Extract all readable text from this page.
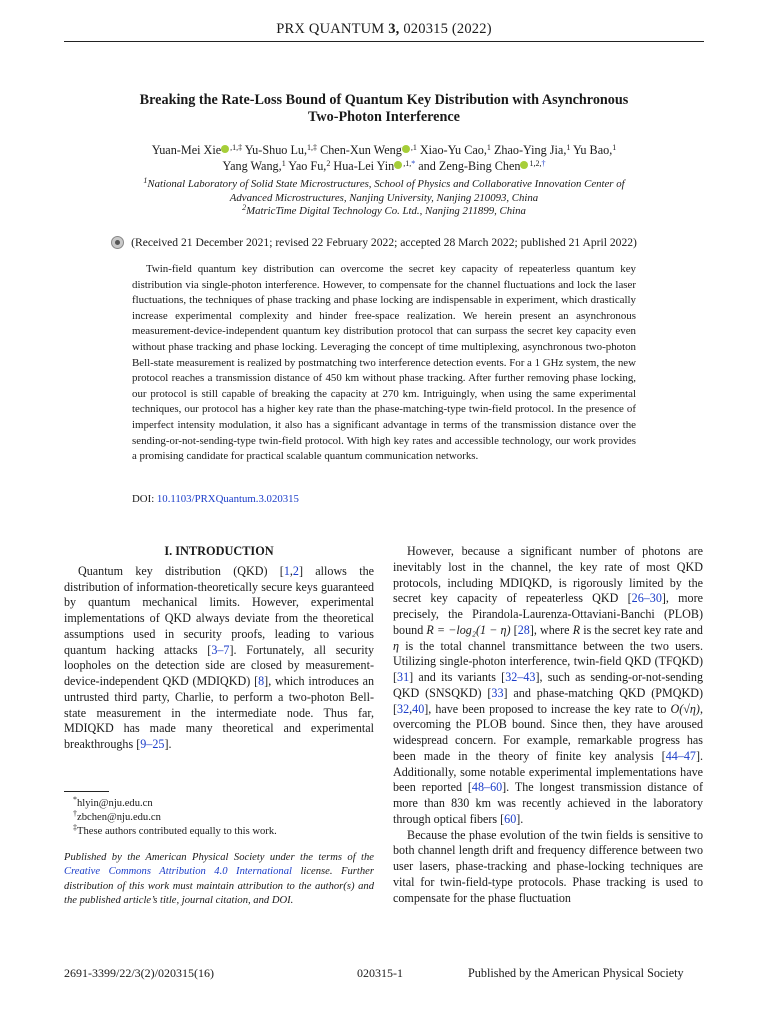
PRX QUANTUM 3, 020315 (2022)
Breaking the Rate-Loss Bound of Quantum Key Distribution with Asynchronous
Two-Photon Interference
Yuan-Mei Xie $^{,1,\ddagger}$ Yu-Shuo Lu,$^{1,\ddagger}$ Chen-Xun Weng $^{,1}$ Xiao-Yu Cao,$^1$ Zhao-Ying Jia,$^1$ Yu Bao,$^1$
Yang Wang,$^1$ Yao Fu,$^2$ Hua-Lei Yin $^{,1,*}$ and Zeng-Bing Chen $^{1,2,\dagger}$
$^1$National Laboratory of Solid State Microstructures, School of Physics and Collaborative Innovation Center of
Advanced Microstructures, Nanjing University, Nanjing 210093, China
$^2$MatricTime Digital Technology Co. Ltd., Nanjing 211899, China
(Received 21 December 2021; revised 22 February 2022; accepted 28 March 2022; published 21 April 2022)

Twin-field quantum key distribution can overcome the secret key capacity of repeaterless quantum key distribution via single-photon interference. However, to compensate for the channel fluctuations and lock the laser fluctuations, the techniques of phase tracking and phase locking are indispensable in experiment, which drastically increase experimental complexity and hinder free-space realization. We herein present an asynchronous measurement-device-independent quantum key distribution protocol that can surpass the secret key capacity even without phase tracking and phase locking. Leveraging the concept of time multiplexing, asynchronous two-photon Bell-state measurement is realized by postmatching two interference detection events. For a 1 GHz system, the new protocol reaches a transmission distance of 450 km without phase tracking. After further removing phase locking, our protocol is still capable of breaking the capacity at 270 km. Intriguingly, when using the same experimental techniques, our protocol has a higher key rate than the phase-matching-type twin-field protocol. In the presence of imperfect intensity modulation, it also has a significant advantage in terms of the transmission distance over the sending-or-not-sending-type twin-field protocol. With high key rates and accessible technology, our work provides a promising candidate for practical scalable quantum communication networks.

DOI: 10.1103/PRXQuantum.3.020315
I. INTRODUCTION

Quantum key distribution (QKD) [1,2] allows the distribution of information-theoretically secure keys guaranteed by quantum mechanical limits. However, experimental implementations of QKD always deviate from the theoretical assumptions used in security proofs, leading to various quantum hacking attacks [3–7]. Fortunately, all security loopholes on the detection side are closed by measurement-device-independent QKD (MDIQKD) [8], which introduces an untrusted third party, Charlie, to perform a two-photon Bell-state measurement in the intermediate node. Thus far, MDIQKD has made many theoretical and experimental breakthroughs [9–25].

*hlyin@nju.edu.cn
†zbchen@nju.edu.cn
‡These authors contributed equally to this work.
Published by the American Physical Society under the terms of the Creative Commons Attribution 4.0 International license. Further distribution of this work must maintain attribution to the author(s) and the published article’s title, journal citation, and DOI.

However, because a significant number of photons are inevitably lost in the channel, the key rate of most QKD protocols, including MDIQKD, is rigorously limited by the secret key capacity of repeaterless QKD [26–30], more precisely, the Pirandola-Laurenza-Ottaviani-Banchi (PLOB) bound R = −log₂(1 − η) [28], where R is the secret key rate and η is the total channel transmittance between the two users. Utilizing single-photon interference, twin-field QKD (TFQKD) [31] and its variants [32–43], such as sending-or-not-sending QKD (SNSQKD) [33] and phase-matching QKD (PMQKD) [32,40], have been proposed to increase the key rate to O(√η), overcoming the PLOB bound. Since then, they have aroused widespread concern. For example, remarkable progress has been made in the theory of finite key analysis [44–47]. Additionally, some notable experimental implementations have been reported [48–60]. The longest transmission distance of more than 830 km was recently achieved in the laboratory through optical fibers [60].

Because the phase evolution of the twin fields is sensitive to both channel length drift and frequency difference between two user lasers, phase-tracking and phase-locking techniques are vital for twin-field-type protocols. Phase tracking is used to compensate for the phase fluctuation

2691-3399/22/3(2)/020315(16)	020315-1	Published by the American Physical Society
